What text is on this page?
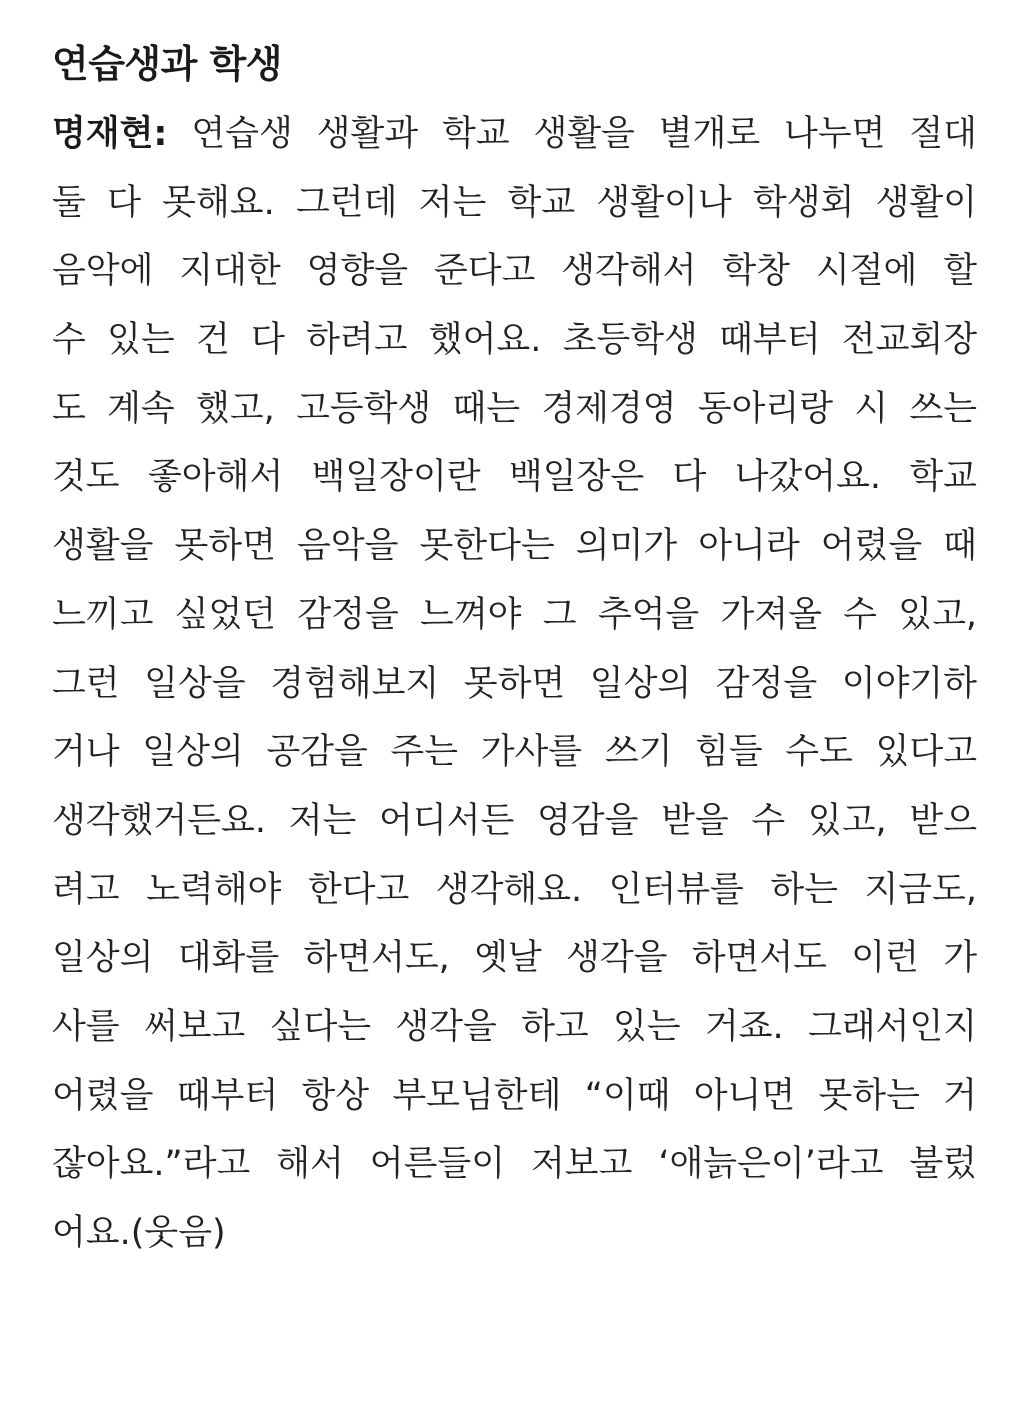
연습생과 학생
명재현: 연습생 생활과 학교 생활을 별개로 나누면 절대
둘 다 못해요. 그런데 저는 학교 생활이나 학생회 생활이
음악에 지대한 영향을 준다고 생각해서 학창 시절에 할
수 있는 건 다 하려고 했어요. 초등학생 때부터 전교회장
도 계속 했고, 고등학생 때는 경제경영 동아리랑 시 쓰는
것도 좋아해서 백일장이란 백일장은 다 나갔어요. 학교
생활을 못하면 음악을 못한다는 의미가 아니라 어렸을 때
느끼고 싶었던 감정을 느껴야 그 추억을 가져올 수 있고,
그런 일상을 경험해보지 못하면 일상의 감정을 이야기하
거나 일상의 공감을 주는 가사를 쓰기 힘들 수도 있다고
생각했거든요. 저는 어디서든 영감을 받을 수 있고, 받으
려고 노력해야 한다고 생각해요. 인터뷰를 하는 지금도,
일상의 대화를 하면서도, 옛날 생각을 하면서도 이런 가
사를 써보고 싶다는 생각을 하고 있는 거죠. 그래서인지
어렸을 때부터 항상 부모님한테 “이때 아니면 못하는 거
잖아요.”라고 해서 어른들이 저보고 ‘애늙은이’라고 불렀
어요.(웃음)
